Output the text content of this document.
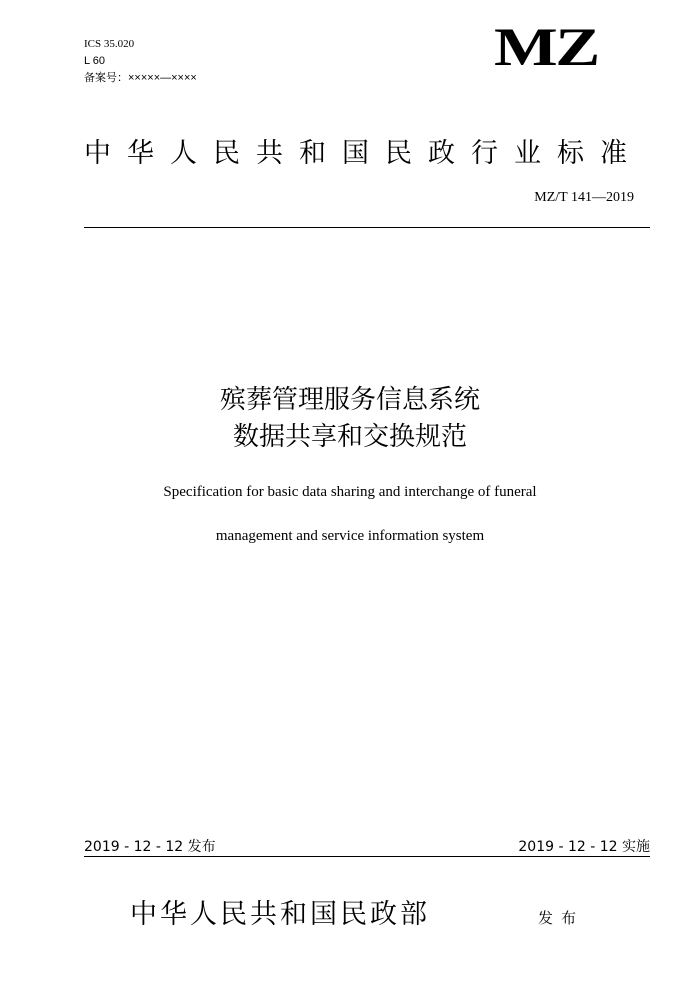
ICS 35.020
L 60
备案号：×××××—××××
MZ
中华人民共和国民政行业标准
MZ/T 141—2019
殡葬管理服务信息系统
数据共享和交换规范
Specification for basic data sharing and interchange of funeral
management and service information system
2019 - 12 - 12 发布	2019 - 12 - 12 实施
中华人民共和国民政部	发布
